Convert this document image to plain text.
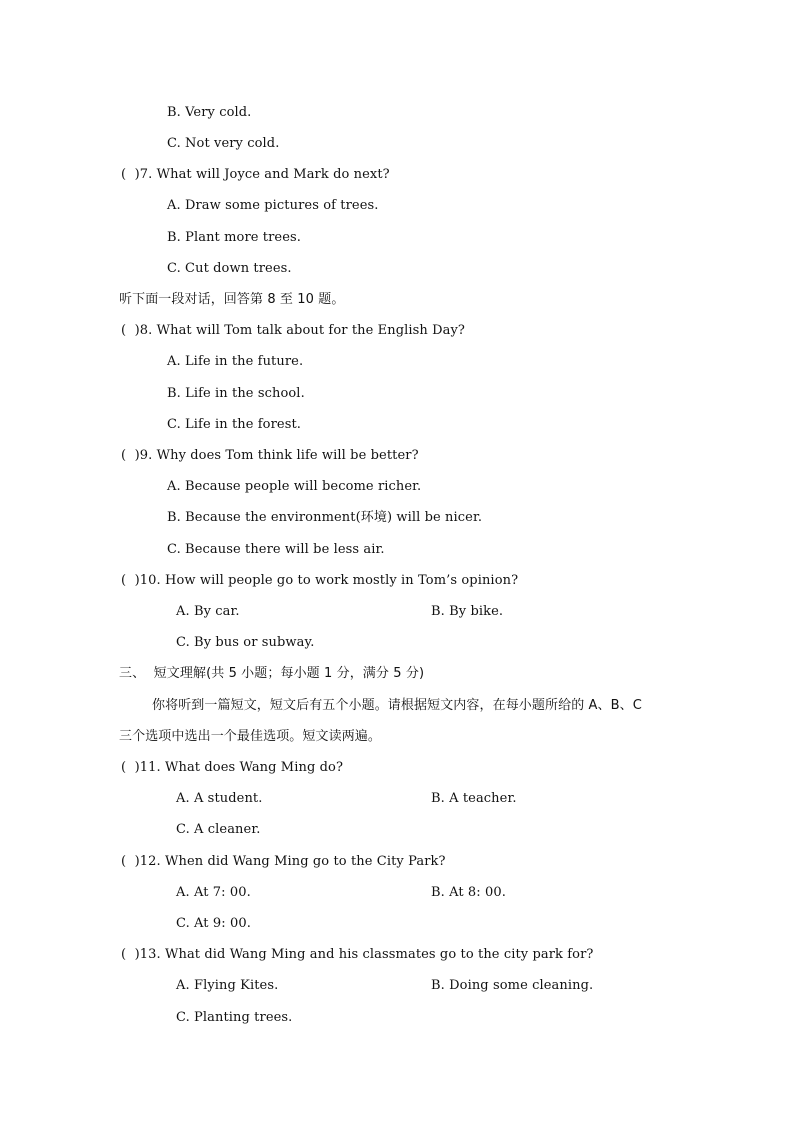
B. Very cold.
C. Not very cold.
(  )7. What will Joyce and Mark do next?
A. Draw some pictures of trees.
B. Plant more trees.
C. Cut down trees.
听下面一段对话，回答第 8 至 10 题。
(  )8. What will Tom talk about for the English Day?
A. Life in the future.
B. Life in the school.
C. Life in the forest.
(  )9. Why does Tom think life will be better?
A. Because people will become richer.
B. Because the environment(环境) will be nicer.
C. Because there will be less air.
(  )10. How will people go to work mostly in Tom’s opinion?
A. By car.	B. By bike.
C. By bus or subway.
三、  短文理解(共 5 小题；每小题 1 分，满分 5 分)
你将听到一篇短文，短文后有五个小题。请根据短文内容，在每小题所给的 A、B、C
三个选项中选出一个最佳选项。短文读两遍。
(  )11. What does Wang Ming do?
A. A student.	B. A teacher.
C. A cleaner.
(  )12. When did Wang Ming go to the City Park?
A. At 7: 00.	B. At 8: 00.
C. At 9: 00.
(  )13. What did Wang Ming and his classmates go to the city park for?
A. Flying Kites.	B. Doing some cleaning.
C. Planting trees.
